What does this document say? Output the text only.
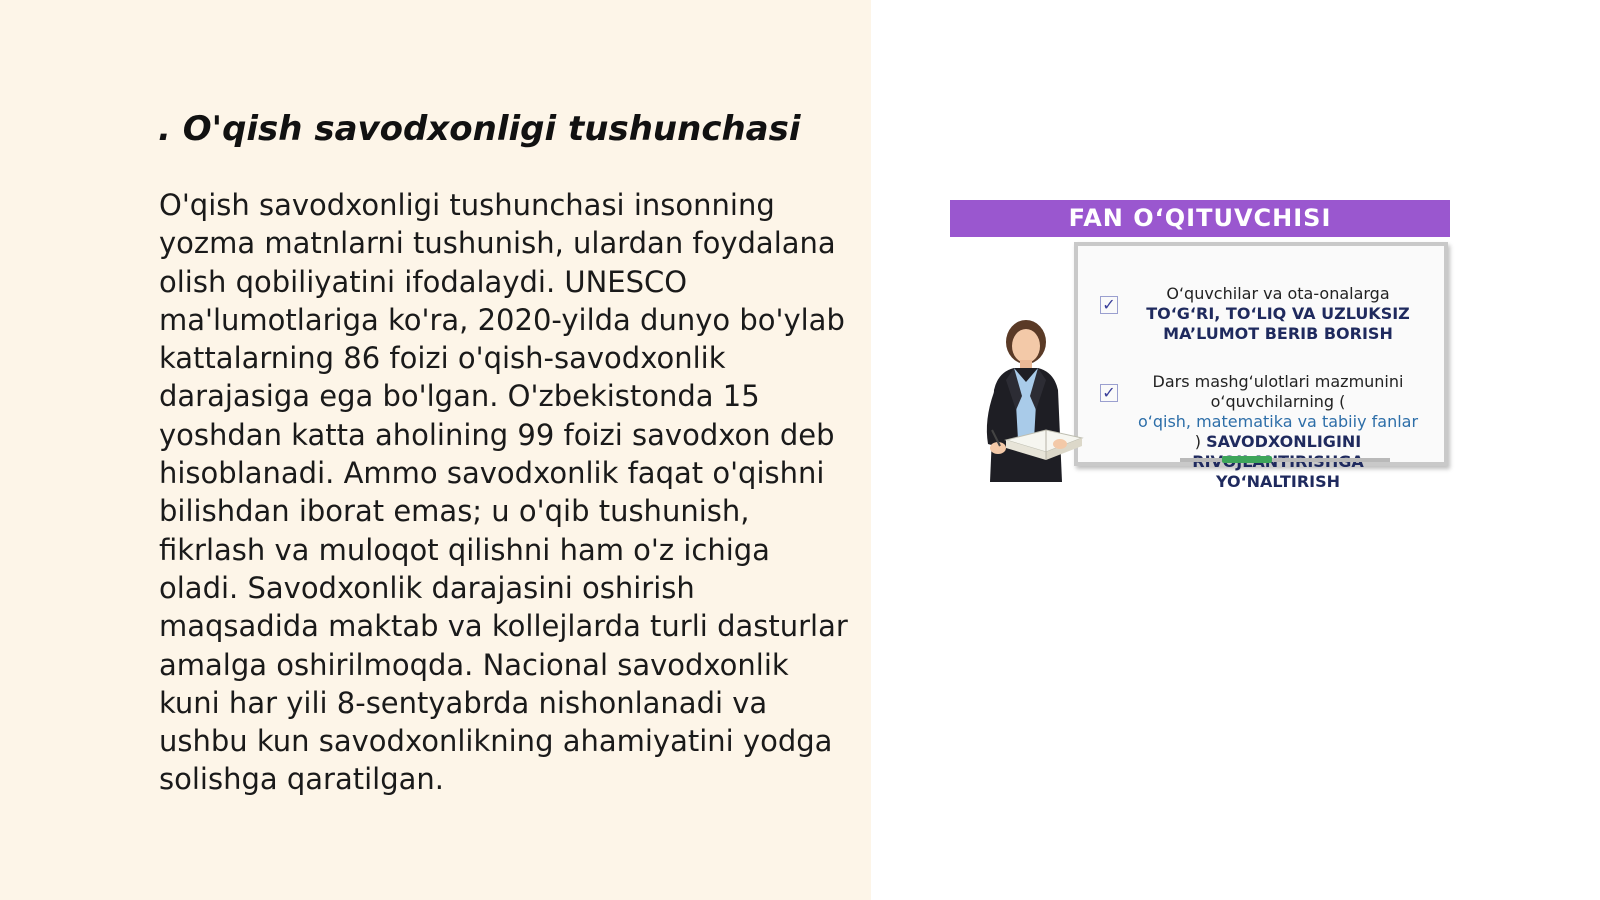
. O'qish savodxonligi tushunchasi

O'qish savodxonligi tushunchasi insonning yozma matnlarni tushunish, ulardan foydalana olish qobiliyatini ifodalaydi. UNESCO ma'lumotlariga ko'ra, 2020-yilda dunyo bo'ylab kattalarning 86 foizi o'qish-savodxonlik darajasiga ega bo'lgan. O'zbekistonda 15 yoshdan katta aholining 99 foizi savodxon deb hisoblanadi. Ammo savodxonlik faqat o'qishni bilishdan iborat emas; u o'qib tushunish, fikrlash va muloqot qilishni ham o'z ichiga oladi. Savodxonlik darajasini oshirish maqsadida maktab va kollejlarda turli dasturlar amalga oshirilmoqda. Nacional savodxonlik kuni har yili 8-sentyabrda nishonlanadi va ushbu kun savodxonlikning ahamiyatini yodga solishga qaratilgan.

FAN O‘QITUVCHISI
✓
O‘quvchilar va ota-onalarga
TO‘G‘RI, TO‘LIQ VA UZLUKSIZ
MA’LUMOT BERIB BORISH
✓
Dars mashg‘ulotlari mazmunini
o‘quvchilarning (
o‘qish, matematika va tabiiy fanlar
) SAVODXONLIGINI
YO‘NALTIRISH
